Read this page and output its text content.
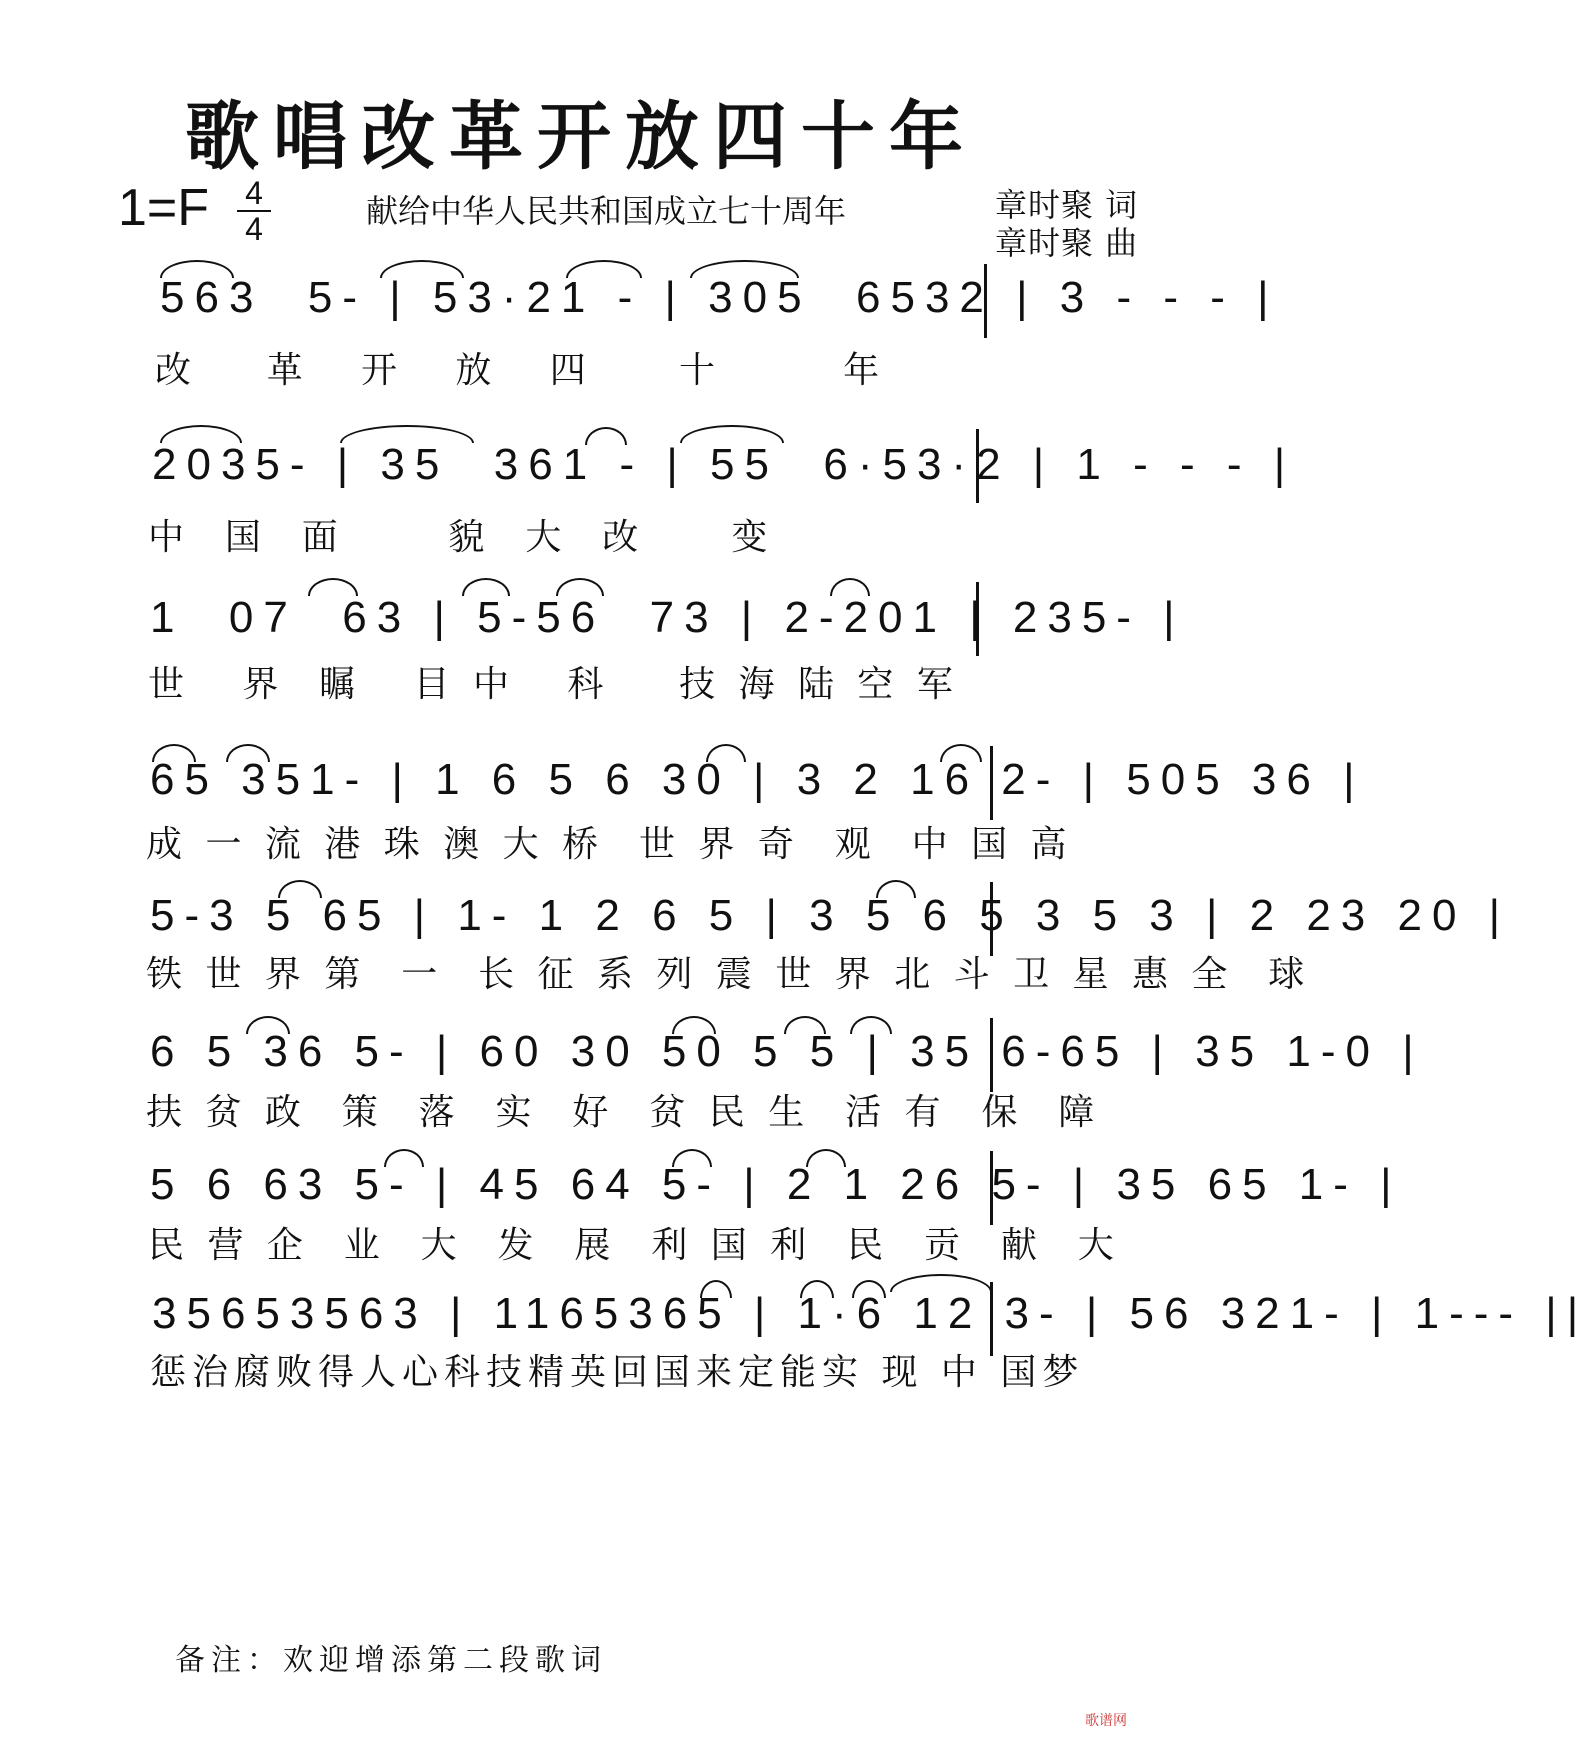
歌唱改革开放四十年
1=F 4
4	献给中华人民共和国成立七十周年	章时聚 词
章时聚 曲
563  5- | 53·21 - | 305  6532 | 3 - - - |
改    革   开   放   四     十       年
2035- | 35  361 - | 55  6·53·2 | 1 - - - |
中  国  面      貌  大  改     变
1  07  63 | 5-56  73 | 2-201 | 235- |
世   界  瞩   目 中   科    技 海 陆 空 军
65 351- | 1 6 5 6 30 | 3 2 16 2- | 505 36 |
成 一 流 港 珠 澳 大 桥  世 界 奇  观  中 国 高
5-3 5 65 | 1- 1 2 6 5 | 3 5 6 5 3 5 3 | 2 23 20 |
铁 世 界 第  一  长 征 系 列 震 世 界 北 斗 卫 星 惠 全  球
6 5 36 5- | 60 30 50 5 5 | 35 6-65 | 35 1-0 |
扶 贫 政  策  落  实  好  贫 民 生  活 有  保  障
5 6 63 5- | 45 64 5- | 2 1 26 5- | 35 65 1- |
民 营 企  业  大  发  展  利 国 利  民  贡  献  大
35653563 | 1165365 | 1·6 12 3- | 56 321- | 1--- ||
惩治腐败得人心科技精英回国来定能实 现 中 国梦
备注：欢迎增添第二段歌词
歌谱网
